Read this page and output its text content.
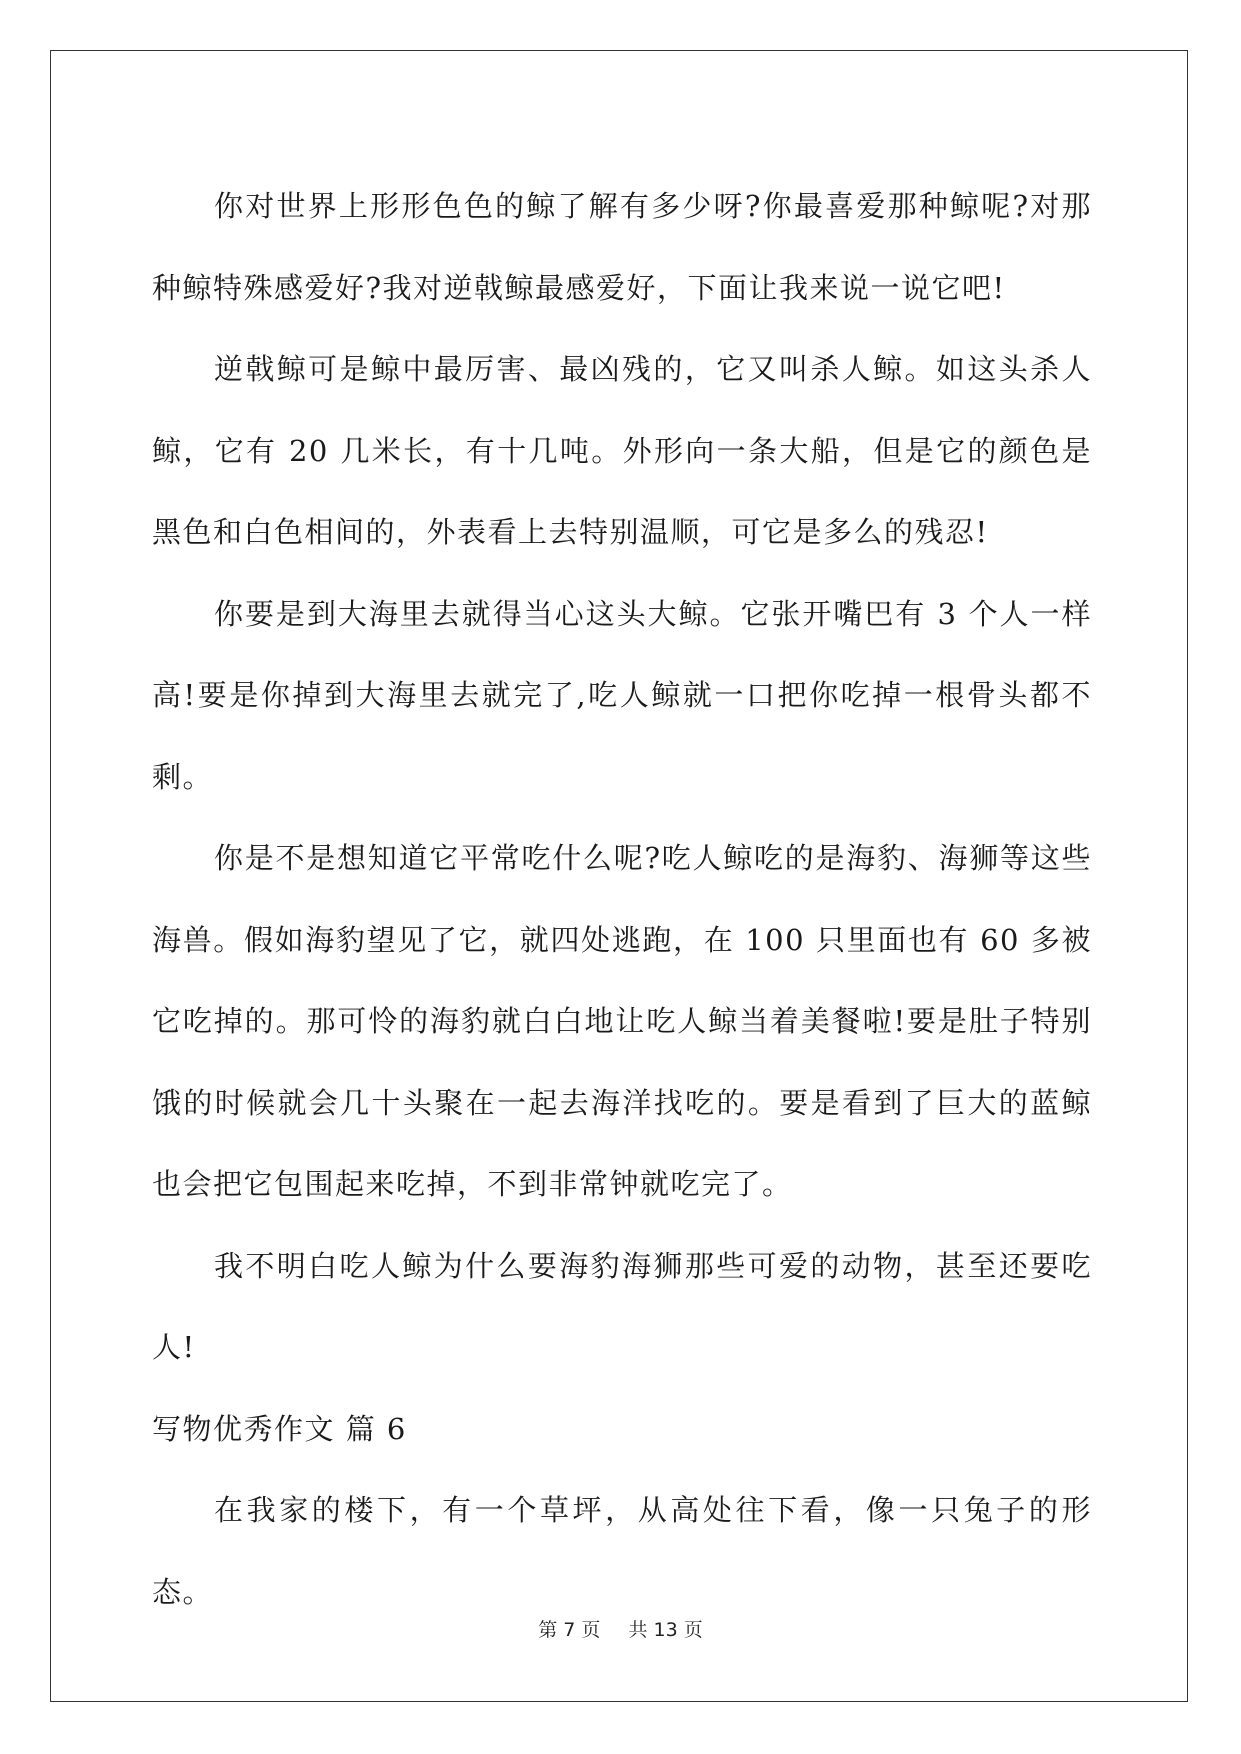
你对世界上形形色色的鲸了解有多少呀?你最喜爱那种鲸呢?对那种鲸特殊感爱好?我对逆戟鲸最感爱好，下面让我来说一说它吧!

逆戟鲸可是鲸中最厉害、最凶残的，它又叫杀人鲸。如这头杀人鲸，它有 20 几米长，有十几吨。外形向一条大船，但是它的颜色是黑色和白色相间的，外表看上去特别温顺，可它是多么的残忍!

你要是到大海里去就得当心这头大鲸。它张开嘴巴有 3 个人一样高!要是你掉到大海里去就完了,吃人鲸就一口把你吃掉一根骨头都不剩。

你是不是想知道它平常吃什么呢?吃人鲸吃的是海豹、海狮等这些海兽。假如海豹望见了它，就四处逃跑，在 100 只里面也有 60 多被它吃掉的。那可怜的海豹就白白地让吃人鲸当着美餐啦!要是肚子特别饿的时候就会几十头聚在一起去海洋找吃的。要是看到了巨大的蓝鲸也会把它包围起来吃掉，不到非常钟就吃完了。

我不明白吃人鲸为什么要海豹海狮那些可爱的动物，甚至还要吃人!

写物优秀作文 篇 6

在我家的楼下，有一个草坪，从高处往下看，像一只兔子的形态。

第 7 页 共 13 页
